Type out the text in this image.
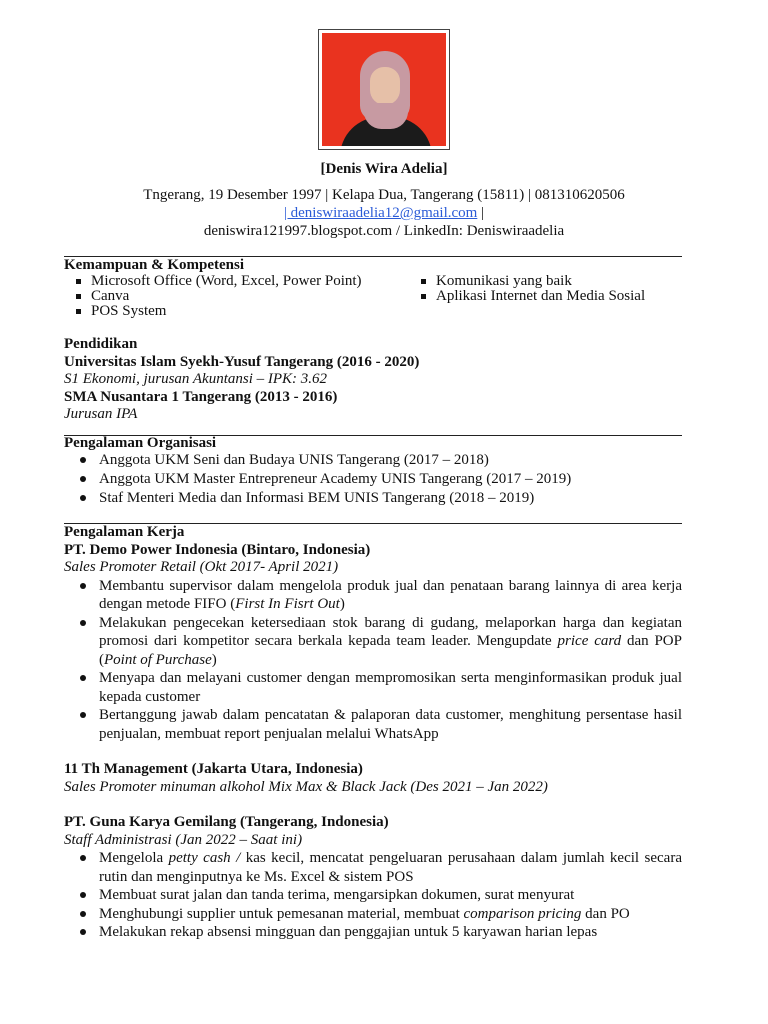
[Denis Wira Adelia]
Tngerang, 19 Desember 1997 | Kelapa Dua, Tangerang (15811) | 081310620506
| deniswiraadelia12@gmail.com |
deniswira121997.blogspot.com / LinkedIn: Deniswiraadelia
Kemampuan & Kompetensi
Microsoft Office (Word, Excel, Power Point)
Canva
POS System
Komunikasi yang baik
Aplikasi Internet dan Media Sosial
Pendidikan
Universitas Islam Syekh-Yusuf Tangerang (2016 - 2020)
S1 Ekonomi, jurusan Akuntansi – IPK: 3.62
SMA Nusantara 1 Tangerang (2013 - 2016)
Jurusan IPA
Pengalaman Organisasi
Anggota UKM Seni dan Budaya UNIS Tangerang (2017 – 2018)
Anggota UKM Master Entrepreneur Academy UNIS Tangerang (2017 – 2019)
Staf Menteri Media dan Informasi BEM UNIS Tangerang (2018 – 2019)
Pengalaman Kerja
PT. Demo Power Indonesia (Bintaro, Indonesia)
Sales Promoter Retail (Okt 2017- April 2021)
Membantu supervisor dalam mengelola produk jual dan penataan barang lainnya di area kerja dengan metode FIFO (First In Fisrt Out)
Melakukan pengecekan ketersediaan stok barang di gudang, melaporkan harga dan kegiatan promosi dari kompetitor secara berkala kepada team leader. Mengupdate price card dan POP (Point of Purchase)
Menyapa dan melayani customer dengan mempromosikan serta menginformasikan produk jual kepada customer
Bertanggung jawab dalam pencatatan & palaporan data customer, menghitung persentase hasil penjualan, membuat report penjualan melalui WhatsApp
11 Th Management (Jakarta Utara, Indonesia)
Sales Promoter minuman alkohol Mix Max & Black Jack (Des 2021 – Jan 2022)
PT. Guna Karya Gemilang (Tangerang, Indonesia)
Staff Administrasi (Jan 2022 – Saat ini)
Mengelola petty cash / kas kecil, mencatat pengeluaran perusahaan dalam jumlah kecil secara rutin dan menginputnya ke Ms. Excel & sistem POS
Membuat surat jalan dan tanda terima, mengarsipkan dokumen, surat menyurat
Menghubungi supplier untuk pemesanan material, membuat comparison pricing dan PO
Melakukan rekap absensi mingguan dan penggajian untuk 5 karyawan harian lepas
